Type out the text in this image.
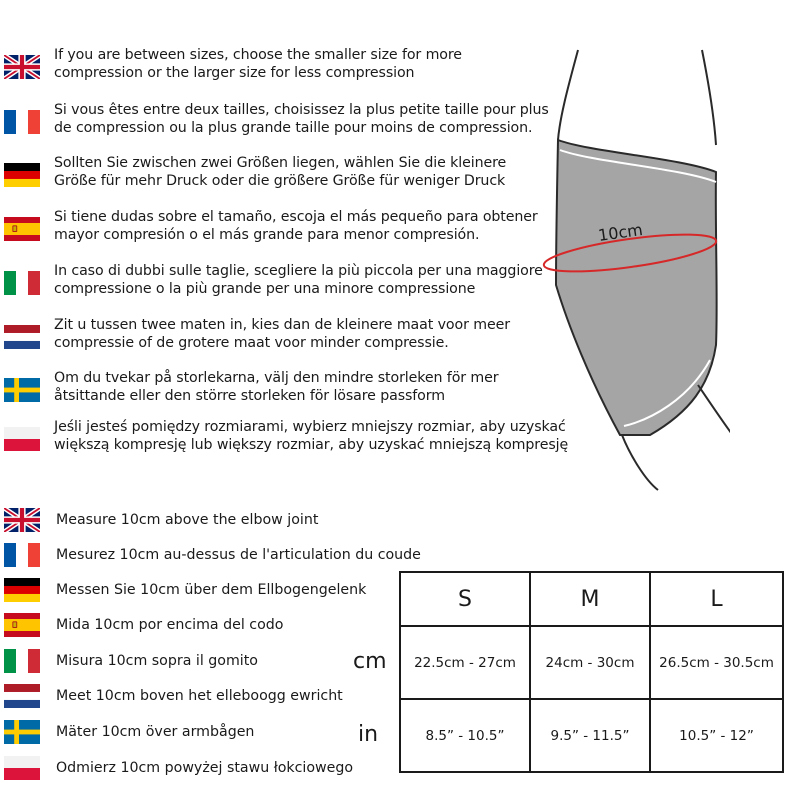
If you are between sizes, choose the smaller size for more
compression or the larger size for less compression
Si vous êtes entre deux tailles, choisissez la plus petite taille pour plus
de compression ou la plus grande taille pour moins de compression.
Sollten Sie zwischen zwei Größen liegen, wählen Sie die kleinere
Größe für mehr Druck oder die größere Größe für weniger Druck
Si tiene dudas sobre el tamaño, escoja el más pequeño para obtener
mayor compresión o el más grande para menor compresión.
In caso di dubbi sulle taglie, scegliere la più piccola per una maggiore
compressione o la più grande per una minore compressione
Zit u tussen twee maten in, kies dan de kleinere maat voor meer
compressie of de grotere maat voor minder compressie.
Om du tvekar på storlekarna, välj den mindre storleken för mer
åtsittande eller den större storleken för lösare passform
Jeśli jesteś pomiędzy rozmiarami, wybierz mniejszy rozmiar, aby uzyskać
większą kompresję lub większy rozmiar, aby uzyskać mniejszą kompresję
10cm
Measure 10cm above the elbow joint
Mesurez 10cm au-dessus de l'articulation du coude
Messen Sie 10cm über dem Ellbogengelenk
Mida 10cm por encima del codo
Misura 10cm sopra il gomito
Meet 10cm boven het elleboogg ewricht
Mäter 10cm över armbågen
Odmierz 10cm powyżej stawu łokciowego
cm
in
S	M	L
22.5cm - 27cm	24cm - 30cm	26.5cm - 30.5cm
8.5” - 10.5”	9.5” - 11.5”	10.5” - 12”
